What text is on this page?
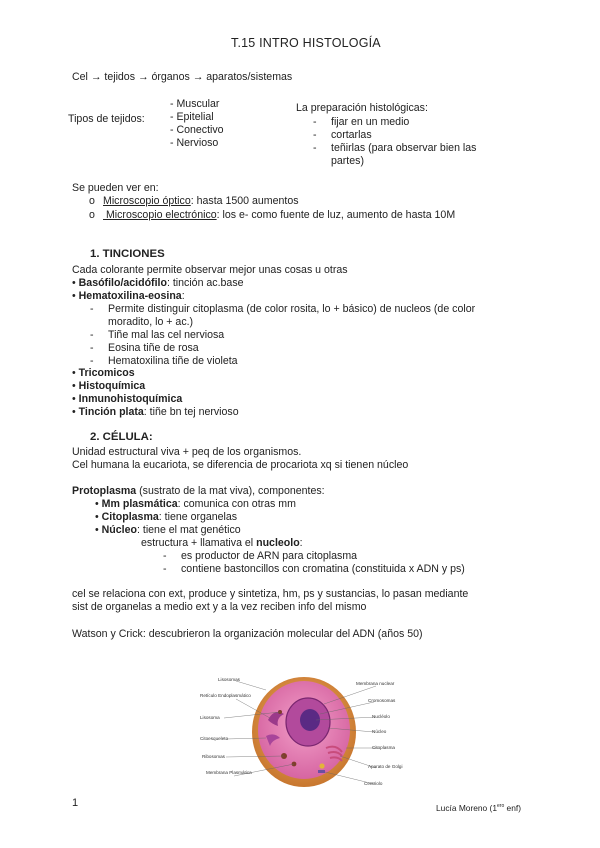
T.15 INTRO HISTOLOGÍA
Cel → tejidos → órganos → aparatos/sistemas
Tipos de tejidos:
- Muscular
- Epitelial
- Conectivo
- Nervioso
La preparación histológicas:
- fijar en un medio
- cortarlas
- teñirlas (para observar bien las
partes)
Se pueden ver en:
o Microscopio óptico: hasta 1500 aumentos
o Microscopio electrónico: los e- como fuente de luz, aumento de hasta 10M
1. TINCIONES
Cada colorante permite observar mejor unas cosas u otras
• Basófilo/acidófilo: tinción ac.base
• Hematoxilina-eosina:
- Permite distinguir citoplasma (de color rosita, lo + básico) de nucleos (de color
moradito, lo + ac.)
- Tiñe mal las cel nerviosa
- Eosina tiñe de rosa
- Hematoxilina tiñe de violeta
• Tricomicos
• Histoquímica
• Inmunohistoquímica
• Tinción plata: tiñe bn tej nervioso
2. CÉLULA:
Unidad estructural viva + peq de los organismos.
Cel humana la eucariota, se diferencia de procariota xq si tienen núcleo
Protoplasma (sustrato de la mat viva), componentes:
• Mm plasmática: comunica con otras mm
• Citoplasma: tiene organelas
• Núcleo: tiene el mat genético
estructura + llamativa el nucleolo:
- es productor de ARN para citoplasma
- contiene bastoncillos con cromatina (constituida x ADN y ps)
cel se relaciona con ext, produce y sintetiza, hm, ps y sustancias, lo pasan mediante
sist de organelas a medio ext y a la vez reciben info del mismo
Watson y Crick: descubrieron la organización molecular del ADN (años 50)
Lisosomas
Retículo Endoplasmático
Lisosoma
Citoesqueleto
Ribosomas
Membrana Plasmática
Membrana nuclear
Cromosomas
Nucléolo
Núcleo
Citoplasma
Aparato de Golgi
Centriolo
1	Lucía Moreno ($1^{ero}$ enf)
